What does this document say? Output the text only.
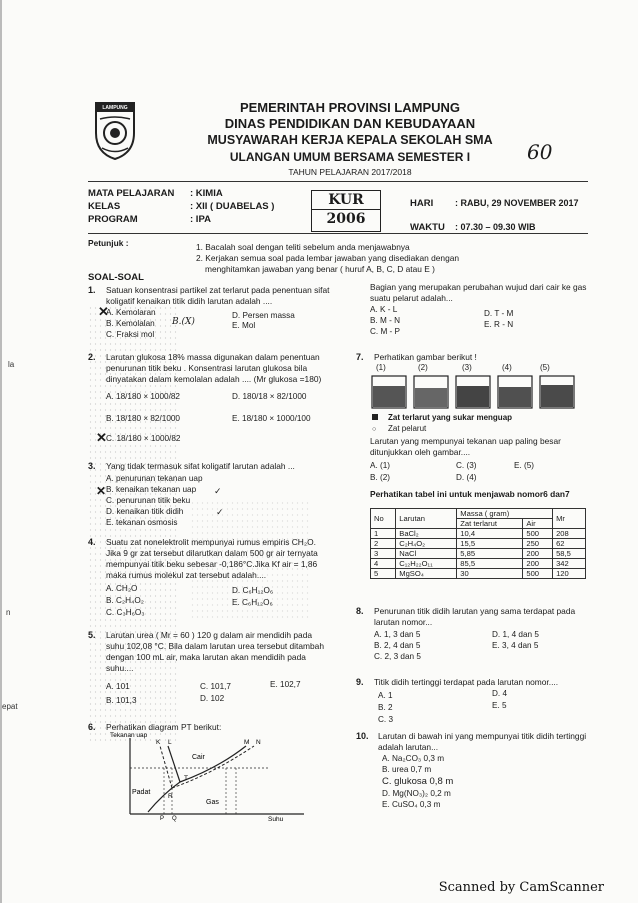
la
n
epat
LAMPUNG	PEMERINTAH PROVINSI LAMPUNG
DINAS PENDIDIKAN DAN KEBUDAYAAN
MUSYAWARAH KERJA KEPALA SEKOLAH SMA
ULANGAN UMUM BERSAMA SEMESTER I
TAHUN PELAJARAN 2017/2018
60
MATA PELAJARAN : KIMIA
KELAS	: XII ( DUABELAS )
PROGRAM	: IPA
KUR
2006
HARI : RABU, 29 NOVEMBER 2017
WAKTU : 07.30 – 09.30 WIB
Petunjuk :	1. Bacalah soal dengan teliti sebelum anda menjawabnya
2. Kerjakan semua soal pada lembar jawaban yang disediakan dengan
menghitamkan jawaban yang benar ( huruf A, B, C, D atau E )
SOAL-SOAL
1. Satuan konsentrasi partikel zat terlarut pada penentuan sifat
koligatif kenaikan titik didih larutan adalah ....
A. Kemolaran	D. Persen massa
B. Kemolalan	E. Mol
C. Fraksi mol
B.(X)
✕
2. Larutan glukosa 18% massa digunakan dalam penentuan
penurunan titik beku . Konsentrasi larutan glukosa bila
dinyatakan dalam kemolalan adalah .... (Mr glukosa =180)
A. 18/180 × 1000/82	D. 180/18 × 82/1000
B. 18/180 × 82/1000	E. 18/180 × 1000/100
C. 18/180 × 1000/82
✕
3. Yang tidak termasuk sifat koligatif larutan adalah ...
A. penurunan tekanan uap
B. kenaikan tekanan uap
C. penurunan titik beku
D. kenaikan titik didih
E. tekanan osmosis
✕	✓
✓
4. Suatu zat nonelektrolit mempunyai rumus empiris CH₂O.
Jika 9 gr zat tersebut dilarutkan dalam 500 gr air ternyata
mempunyai titik beku sebesar -0,186°C.Jika Kf air = 1,86
maka rumus molekul zat tersebut adalah....
A. CH₂O	D. C₆H₁₂O₆
B. C₂H₄O₂	E. C₆H₁₂O₆
C. C₃H₆O₃
5. Larutan urea ( Mr = 60 ) 120 g dalam air mendidih pada
suhu 102,08 °C. Bila dalam larutan urea tersebut ditambah
dengan 100 mL air, maka larutan akan mendidih pada
suhu....
A. 101	C. 101,7	E. 102,7
B. 101,3	D. 102
6. Perhatikan diagram PT berikut:
Tekanan uap
Suhu
Cair
Padat
Gas
K L	M N
T
P Q
R
Bagian yang merupakan perubahan wujud dari cair ke gas
suatu pelarut adalah...
A. K - L	D. T - M
B. M - N	E. R - N
C. M - P
7. Perhatikan gambar berikut !
(1)	(2)	(3)	(4)	(5)
Zat terlarut yang sukar menguap
○ Zat pelarut
Larutan yang mempunyai tekanan uap paling besar
ditunjukkan oleh gambar....
A. (1)	C. (3)	E. (5)
B. (2)	D. (4)
Perhatikan tabel ini untuk menjawab nomor6 dan7
No	Larutan	Massa ( gram)		Mr
		Zat terlarut	Air	
1	BaCl₂	10,4	500	208
2	C₂H₄O₂	15,5	250	62
3	NaCl	5,85	200	58,5
4	C₁₂H₂₂O₁₁	85,5	200	342
5	MgSO₄	30	500	120
8. Penurunan titik didih larutan yang sama terdapat pada
larutan nomor...
A. 1, 3 dan 5	D. 1, 4 dan 5
B. 2, 4 dan 5	E. 3, 4 dan 5
C. 2, 3 dan 5
9. Titik didih tertinggi terdapat pada larutan nomor....
A. 1	D. 4
B. 2	E. 5
C. 3
10. Larutan di bawah ini yang mempunyai titik didih tertinggi
adalah larutan...
A. Na₂CO₃ 0,3 m
B. urea 0,7 m
C. glukosa 0,8 m
D. Mg(NO₃)₂ 0,2 m
E. CuSO₄ 0,3 m
Scanned by CamScanner
